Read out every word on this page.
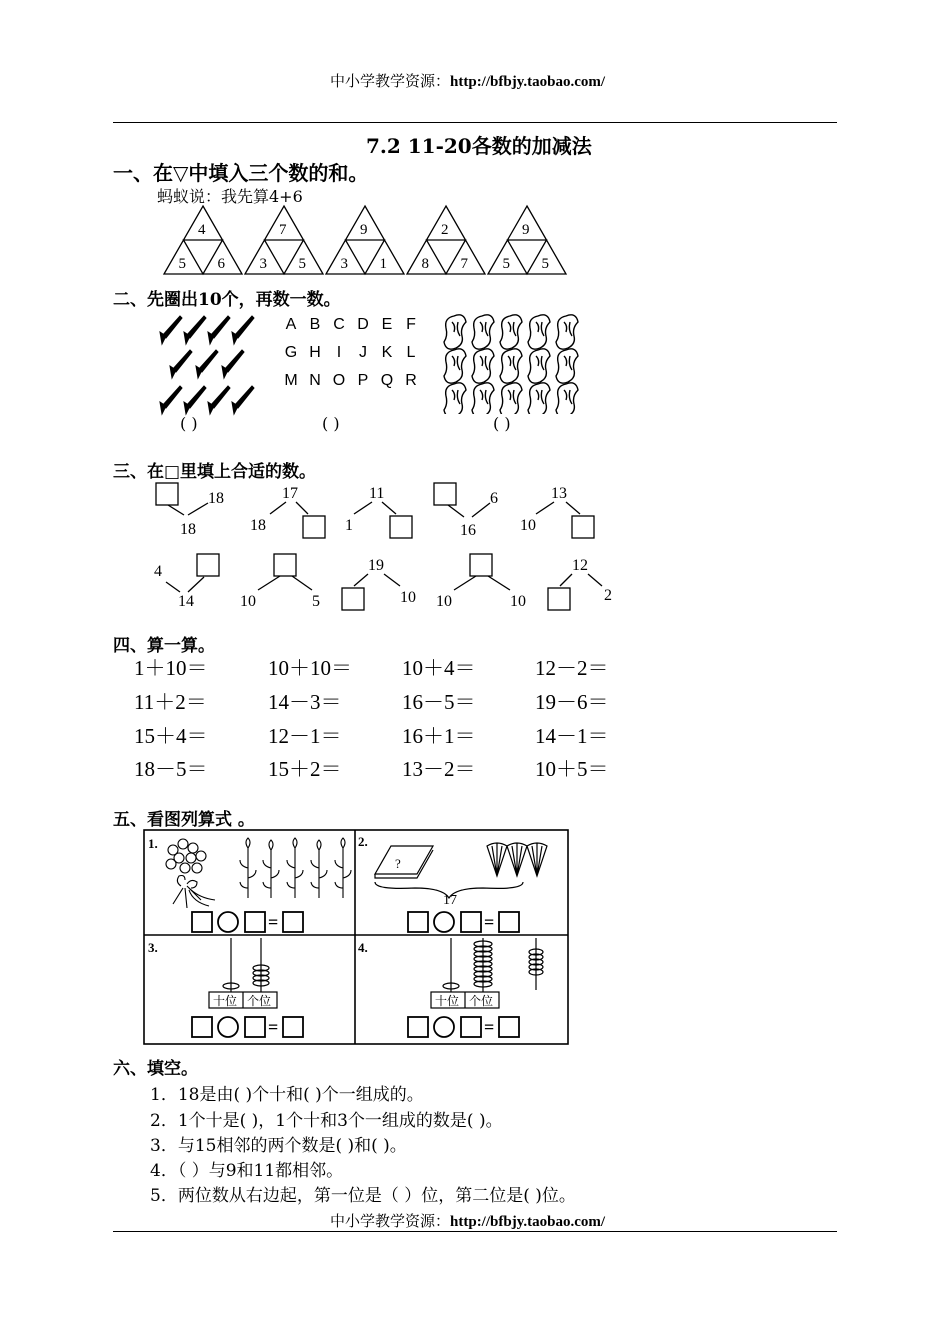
中小学教学资源：http://bfbjy.taobao.com/
7.2 11-20各数的加减法
一、在▽中填入三个数的和。
蚂蚁说：我先算4+6
4
5 6
7
3 5
9
3 1
2
8 7
9
5 5
二、先圈出10个，再数一数。
A B C D E F
G H I J K L
M N O P Q R
( )	( )	( )
三、在□里填上合适的数。
18
18
17
18
11
1
6
16
13
10
4
14	10	5
19
10 10	10
12
2
四、算一算。
1＋10＝	10＋10＝ 10＋4＝	12－2＝
11＋2＝	14－3＝	16－5＝	19－6＝
15＋4＝	12－1＝	16＋1＝	14－1＝
18－5＝	15＋2＝	13－2＝	10＋5＝
五、看图列算式 。
1.	2.
3.	4.
=
?
17
=
十位 个位
=
十位 个位
=
六、填空。
1．18是由( )个十和( )个一组成的。
2．1个十是( )，1个十和3个一组成的数是( )。
3．与15相邻的两个数是( )和( )。
4．（ ）与9和11都相邻。
5．两位数从右边起，第一位是（ ）位，第二位是( )位。
中小学教学资源：http://bfbjy.taobao.com/
